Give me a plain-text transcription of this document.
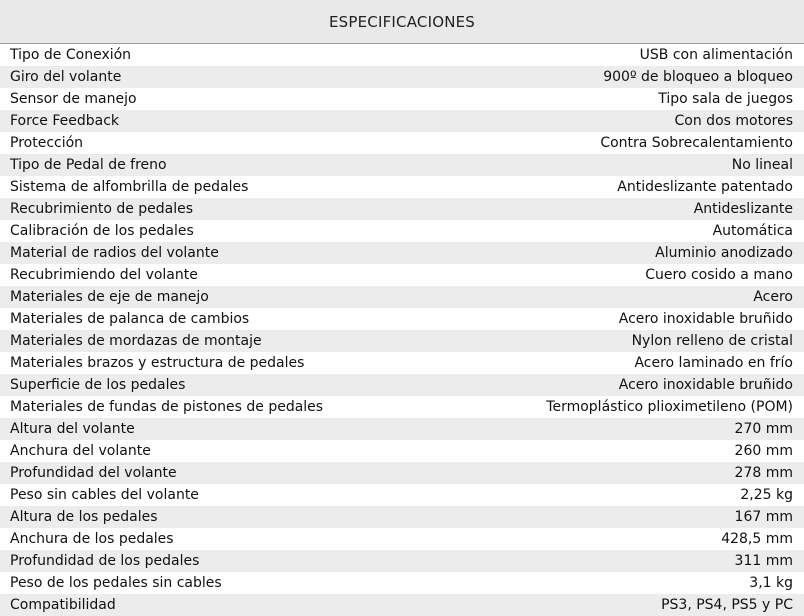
ESPECIFICACIONES	
Tipo de Conexión	USB con alimentación
Giro del volante	900º de bloqueo a bloqueo
Sensor de manejo	Tipo sala de juegos
Force Feedback	Con dos motores
Protección	Contra Sobrecalentamiento
Tipo de Pedal de freno	No lineal
Sistema de alfombrilla de pedales	Antideslizante patentado
Recubrimiento de pedales	Antideslizante
Calibración de los pedales	Automática
Material de radios del volante	Aluminio anodizado
Recubrimiendo del volante	Cuero cosido a mano
Materiales de eje de manejo	Acero
Materiales de palanca de cambios	Acero inoxidable bruñido
Materiales de mordazas de montaje	Nylon relleno de cristal
Materiales brazos y estructura de pedales	Acero laminado en frío
Superficie de los pedales	Acero inoxidable bruñido
Materiales de fundas de pistones de pedales	Termoplástico plioximetileno (POM)
Altura del volante	270 mm
Anchura del volante	260 mm
Profundidad del volante	278 mm
Peso sin cables del volante	2,25 kg
Altura de los pedales	167 mm
Anchura de los pedales	428,5 mm
Profundidad de los pedales	311 mm
Peso de los pedales sin cables	3,1 kg
Compatibilidad	PS3, PS4, PS5 y PC
